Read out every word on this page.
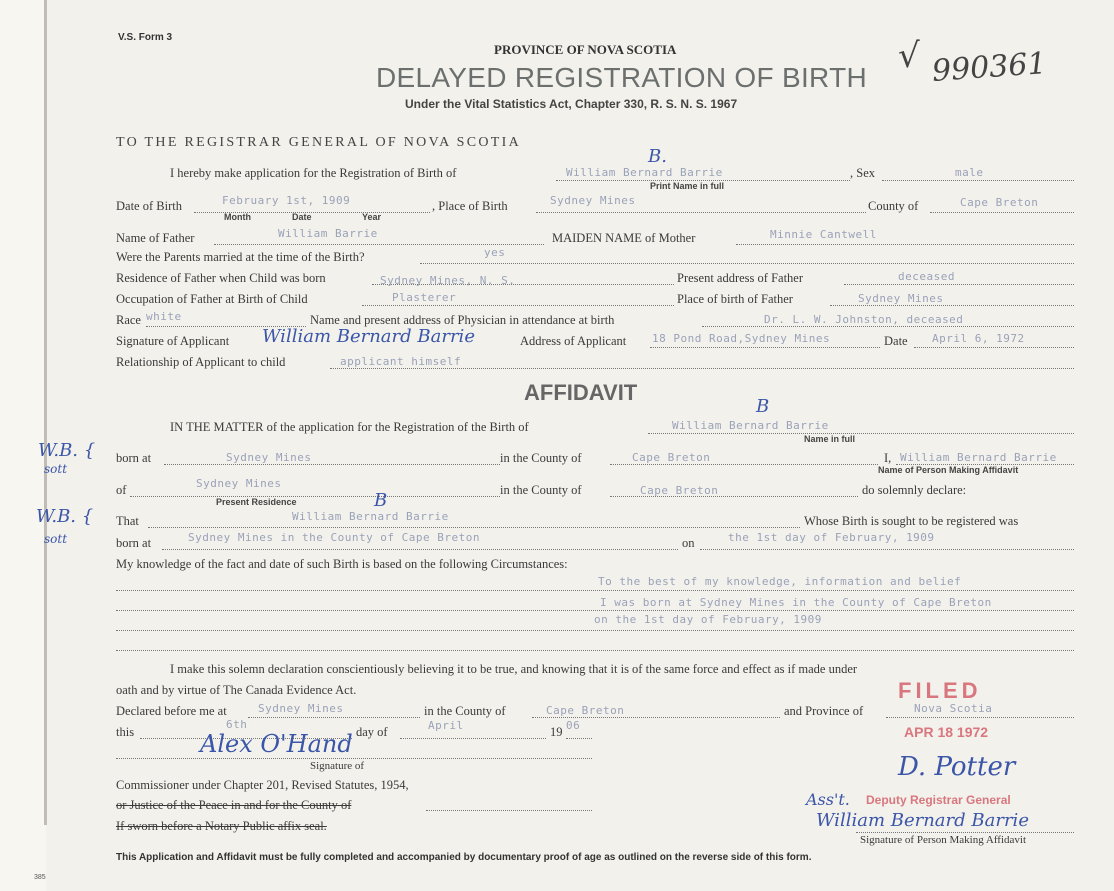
V.S. Form 3
PROVINCE OF NOVA SCOTIA
DELAYED REGISTRATION OF BIRTH
Under the Vital Statistics Act, Chapter 330, R. S. N. S. 1967
√ 990361
TO THE REGISTRAR GENERAL OF NOVA SCOTIA
I hereby make application for the Registration of Birth of	William Bernard Barrie
B.
Print Name in full
, Sex	male
Date of Birth	February 1st, 1909
Month	Date	Year
, Place of Birth	Sydney Mines	County of	Cape Breton
Name of Father	William Barrie	MAIDEN NAME of Mother	Minnie Cantwell
Were the Parents married at the time of the Birth?	yes
Residence of Father when Child was born	Sydney Mines, N. S.	Present address of Father	deceased
Occupation of Father at Birth of Child	Plasterer	Place of birth of Father	Sydney Mines
Race white	Name and present address of Physician in attendance at birth	Dr. L. W. Johnston, deceased
Signature of Applicant William Bernard Barrie	Address of Applicant 18 Pond Road,Sydney Mines	Date April 6, 1972
Relationship of Applicant to child	applicant himself
AFFIDAVIT
IN THE MATTER of the application for the Registration of the Birth of	William Bernard Barrie
B
Name in full
W.B. {
sott
born at	Sydney Mines	in the County of	Cape Breton	I, William Bernard Barrie
Name of Person Making Affidavit
of	Sydney Mines
Present Residence
in the County of	Cape Breton	do solemnly declare:
W.B. {
sott
That	William Bernard Barrie
B
Whose Birth is sought to be registered was
born at	Sydney Mines in the County of Cape Breton	on	the 1st day of February, 1909
My knowledge of the fact and date of such Birth is based on the following Circumstances:
To the best of my knowledge, information and belief
I was born at Sydney Mines in the County of Cape Breton
on the 1st day of February, 1909
I make this solemn declaration conscientiously believing it to be true, and knowing that it is of the same force and effect as if made under
oath and by virtue of The Canada Evidence Act.	FILED
Declared before me at	Sydney Mines	in the County of	Cape Breton	and Province of	Nova Scotia
this
6th
day of	April	19 06	APR 18 1972
Alex O'Hand
Signature of
Commissioner under Chapter 201, Revised Statutes, 1954,
or Justice of the Peace in and for the County of
If sworn before a Notary Public affix seal.
D. Potter
Ass't. Deputy Registrar General
William Bernard Barrie
Signature of Person Making Affidavit
This Application and Affidavit must be fully completed and accompanied by documentary proof of age as outlined on the reverse side of this form.
385
